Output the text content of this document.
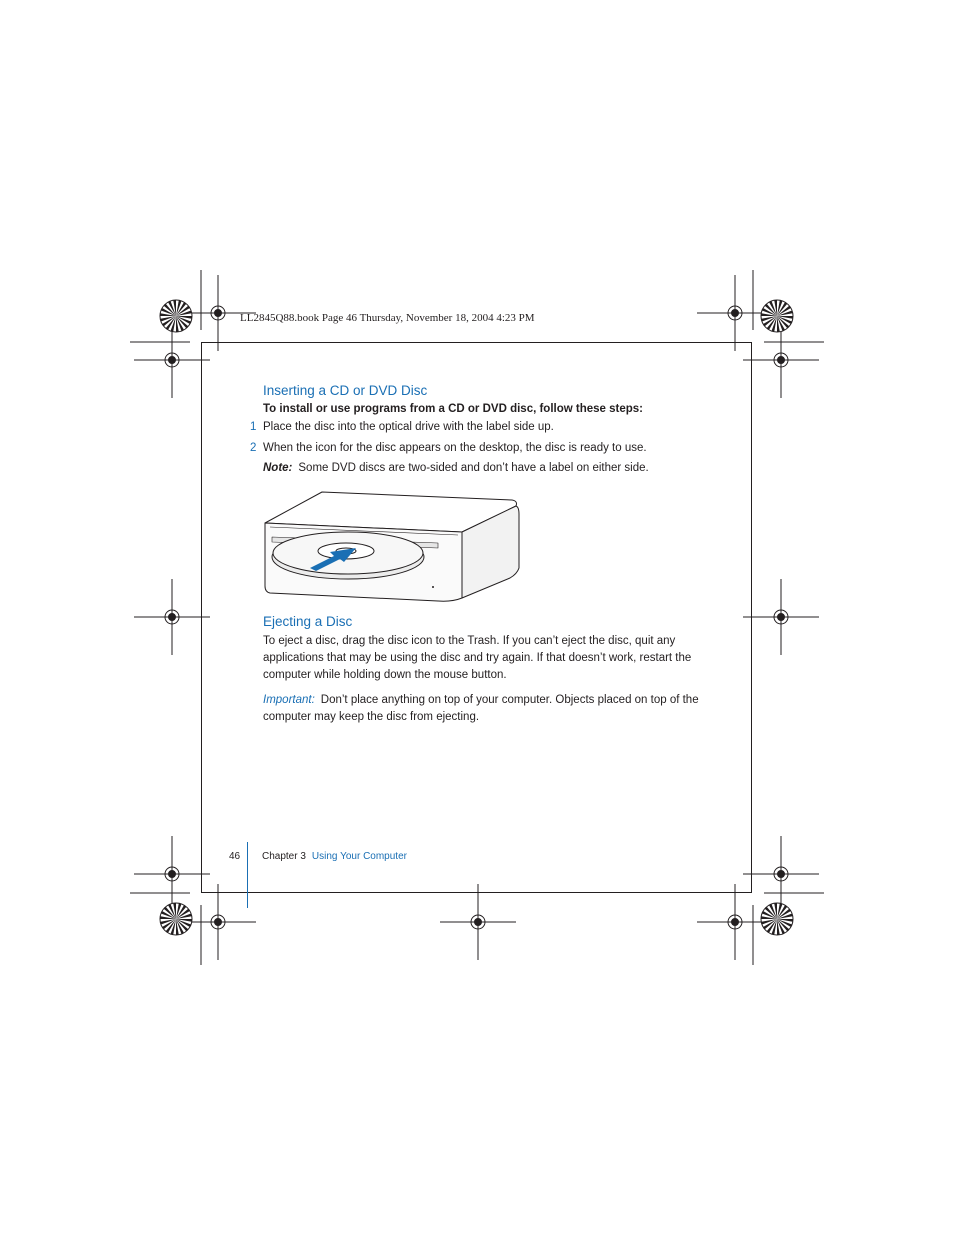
LL2845Q88.book Page 46 Thursday, November 18, 2004 4:23 PM
Inserting a CD or DVD Disc
To install or use programs from a CD or DVD disc, follow these steps:
1 Place the disc into the optical drive with the label side up.
2 When the icon for the disc appears on the desktop, the disc is ready to use.
Note: Some DVD discs are two-sided and don’t have a label on either side.
Ejecting a Disc
To eject a disc, drag the disc icon to the Trash. If you can’t eject the disc, quit any applications that may be using the disc and try again. If that doesn’t work, restart the computer while holding down the mouse button.
Important: Don’t place anything on top of your computer. Objects placed on top of the computer may keep the disc from ejecting.
46 Chapter 3 Using Your Computer
